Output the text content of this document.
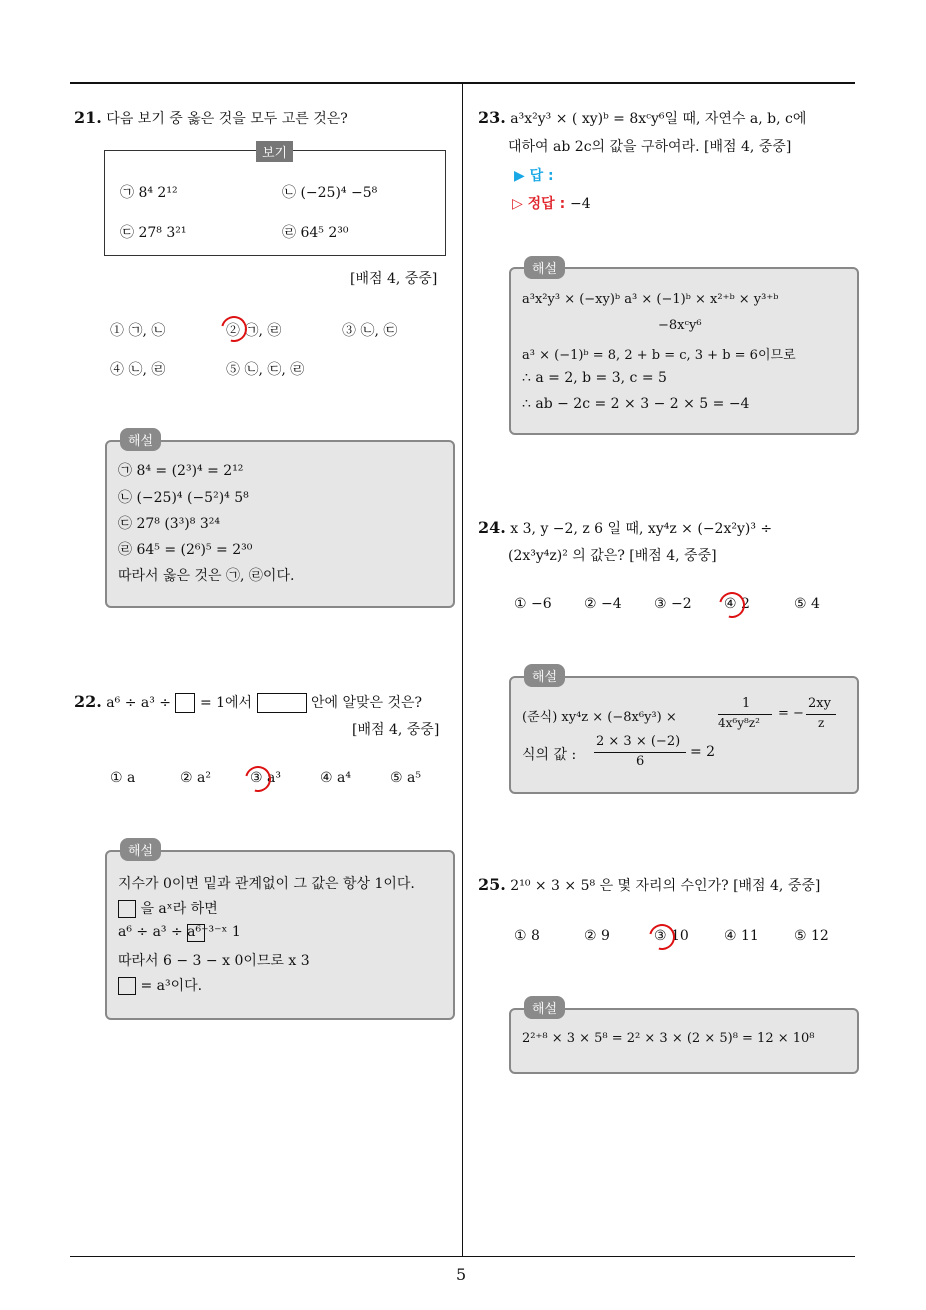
5
21. 다음 보기 중 옳은 것을 모두 고른 것은?
보기
㉠ 8⁴ 2¹²	㉡ (−25)⁴ −5⁸
㉢ 27⁸ 3²¹	㉣ 64⁵ 2³⁰
[배점 4, 중중]
① ㉠, ㉡	② ㉠, ㉣	③ ㉡, ㉢
④ ㉡, ㉣	⑤ ㉡, ㉢, ㉣
해설
㉠ 8⁴ = (2³)⁴ = 2¹²
㉡ (−25)⁴ (−5²)⁴ 5⁸
㉢ 27⁸ (3³)⁸ 3²⁴
㉣ 64⁵ = (2⁶)⁵ = 2³⁰
따라서 옳은 것은 ㉠, ㉣이다.
22. a⁶ ÷ a³ ÷ = 1에서	안에 알맞은 것은?
[배점 4, 중중]
① a	② a²	③ a³	④ a⁴	⑤ a⁵
해설
지수가 0이면 밑과 관계없이 그 값은 항상 1이다.
을 aˣ라 하면
a⁶ ÷ a³ ÷ a⁶⁻³⁻ˣ 1
따라서 6 − 3 − x 0이므로 x 3
= a³이다.
23. a³x²y³ × ( xy)ᵇ = 8xᶜy⁶일 때, 자연수 a, b, c에
대하여 ab 2c의 값을 구하여라. [배점 4, 중중]
▶ 답 :
▷ 정답 : −4
해설
a³x²y³ × (−xy)ᵇ a³ × (−1)ᵇ × x²⁺ᵇ × y³⁺ᵇ
−8xᶜy⁶
a³ × (−1)ᵇ = 8, 2 + b = c, 3 + b = 6이므로
∴ a = 2, b = 3, c = 5
∴ ab − 2c = 2 × 3 − 2 × 5 = −4
24. x 3, y −2, z 6 일 때, xy⁴z × (−2x²y)³ ÷
(2x³y⁴z)² 의 값은? [배점 4, 중중]
① −6 ② −4 ③ −2 ④ 2	⑤ 4
해설
(준식) xy⁴z × (−8x⁶y³) ×
1
4x⁶y⁸z²
= −
2xy
z
식의 값 :
2 × 3 × (−2)
6
= 2
25. 2¹⁰ × 3 × 5⁸ 은 몇 자리의 수인가? [배점 4, 중중]
① 8	② 9	③ 10	④ 11	⑤ 12
해설
2²⁺⁸ × 3 × 5⁸ = 2² × 3 × (2 × 5)⁸ = 12 × 10⁸
